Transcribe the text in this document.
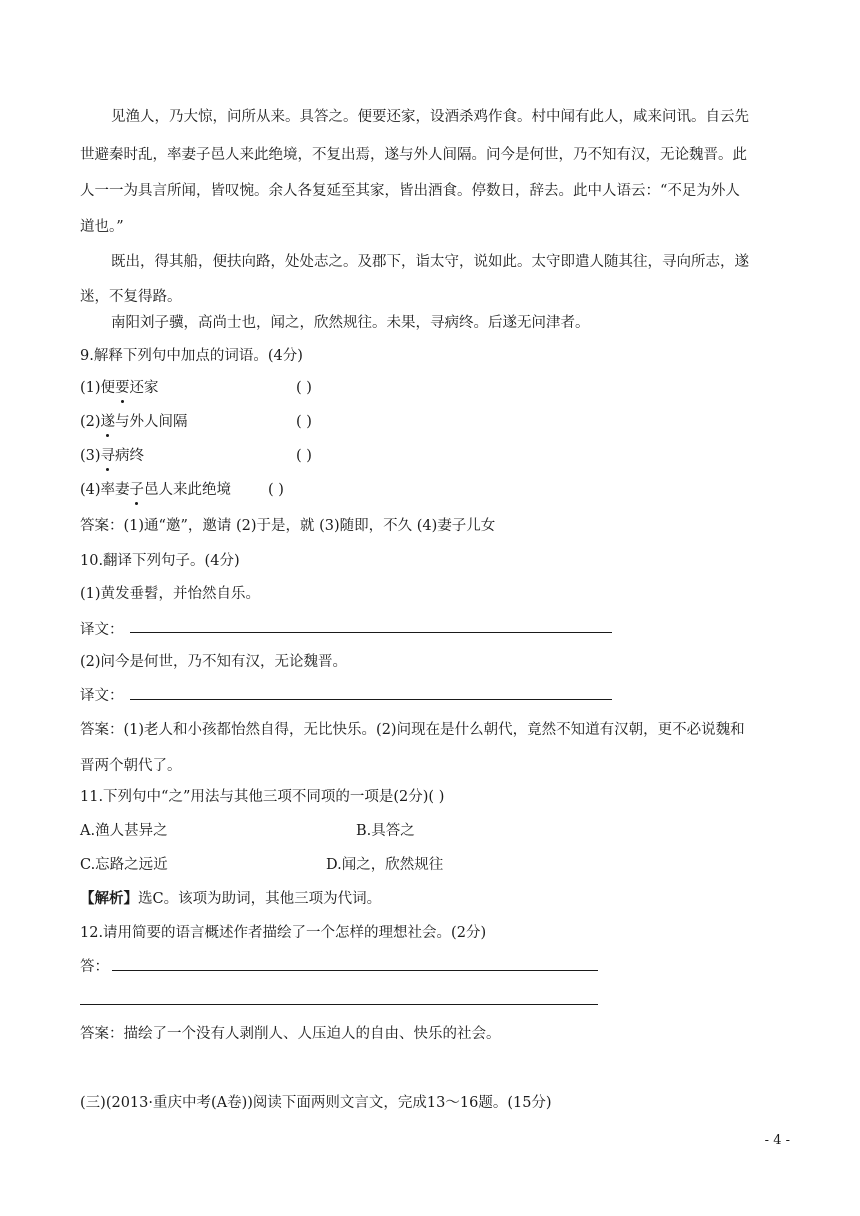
见渔人，乃大惊，问所从来。具答之。便要还家，设酒杀鸡作食。村中闻有此人，咸来问讯。自云先
世避秦时乱，率妻子邑人来此绝境，不复出焉，遂与外人间隔。问今是何世，乃不知有汉，无论魏晋。此
人一一为具言所闻，皆叹惋。余人各复延至其家，皆出酒食。停数日，辞去。此中人语云：“不足为外人
道也。”
既出，得其船，便扶向路，处处志之。及郡下，诣太守，说如此。太守即遣人随其往，寻向所志，遂
迷，不复得路。
南阳刘子骥，高尚士也，闻之，欣然规往。未果，寻病终。后遂无问津者。
9.解释下列句中加点的词语。(4分)
(1)便要还家	( )
(2)遂与外人间隔	( )
(3)寻病终	( )
(4)率妻子邑人来此绝境	( )
答案：(1)通“邀”，邀请 (2)于是，就 (3)随即，不久 (4)妻子儿女
10.翻译下列句子。(4分)
(1)黄发垂髫，并怡然自乐。
译文：
(2)问今是何世，乃不知有汉，无论魏晋。
译文：
答案：(1)老人和小孩都怡然自得，无比快乐。(2)问现在是什么朝代，竟然不知道有汉朝，更不必说魏和
晋两个朝代了。
11.下列句中“之”用法与其他三项不同项的一项是(2分)( )
A.渔人甚异之	B.具答之
C.忘路之远近	D.闻之，欣然规往
【解析】选C。该项为助词，其他三项为代词。
12.请用简要的语言概述作者描绘了一个怎样的理想社会。(2分)
答：
答案：描绘了一个没有人剥削人、人压迫人的自由、快乐的社会。
(三)(2013·重庆中考(A卷))阅读下面两则文言文，完成13～16题。(15分)
- 4 -
